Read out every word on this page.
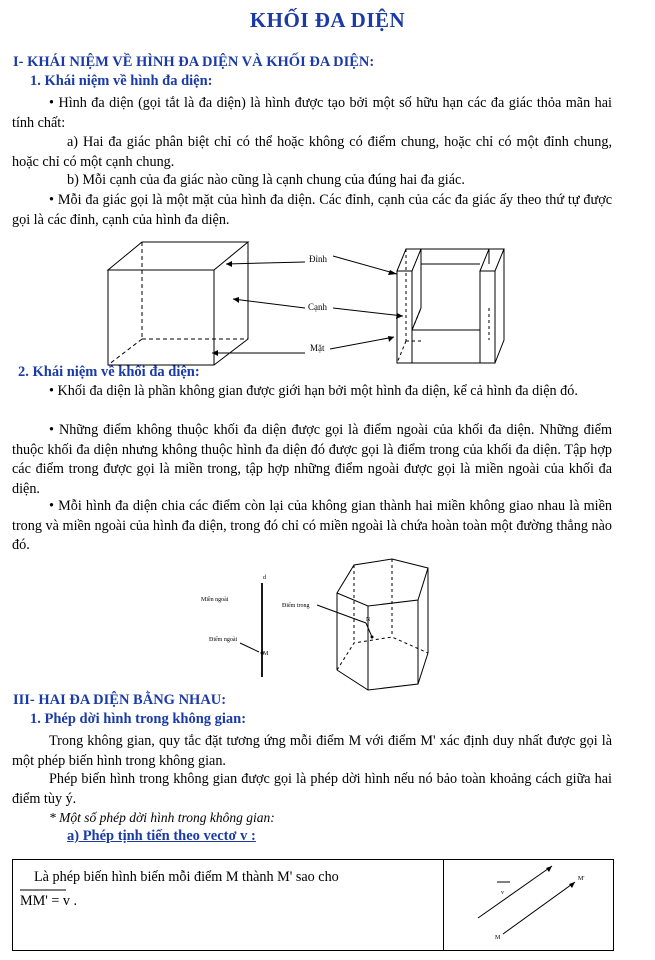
KHỐI ĐA DIỆN
I- KHÁI NIỆM VỀ HÌNH ĐA DIỆN VÀ KHỐI ĐA DIỆN:
1. Khái niệm về hình đa diện:
• Hình đa diện (gọi tắt là đa diện) là hình được tạo bởi một số hữu hạn các đa giác thỏa mãn hai tính chất:
a) Hai đa giác phân biệt chỉ có thể hoặc không có điểm chung, hoặc chỉ có một đỉnh chung, hoặc chỉ có một cạnh chung.
b) Mỗi cạnh của đa giác nào cũng là cạnh chung của đúng hai đa giác.
• Mỗi đa giác gọi là một mặt của hình đa diện. Các đỉnh, cạnh của các đa giác ấy theo thứ tự được gọi là các đỉnh, cạnh của hình đa diện.
Đỉnh
Cạnh
Mặt
2. Khái niệm về khối đa diện:
• Khối đa diện là phần không gian được giới hạn bởi một hình đa diện, kể cả hình đa diện đó.
• Những điểm không thuộc khối đa diện được gọi là điểm ngoài của khối đa diện. Những điểm thuộc khối đa diện nhưng không thuộc hình đa diện đó được gọi là điểm trong của khối đa diện. Tập hợp các điểm trong được gọi là miền trong, tập hợp những điểm ngoài được gọi là miền ngoài của khối đa diện.
• Mỗi hình đa diện chia các điểm còn lại của không gian thành hai miền không giao nhau là miền trong và miền ngoài của hình đa diện, trong đó chỉ có miền ngoài là chứa hoàn toàn một đường thẳng nào đó.
d
Miền ngoài
Điểm trong
Điểm ngoài
M
N
III- HAI ĐA DIỆN BẰNG NHAU:
1. Phép dời hình trong không gian:
Trong không gian, quy tắc đặt tương ứng mỗi điểm M với điểm M' xác định duy nhất được gọi là một phép biến hình trong không gian.
Phép biến hình trong không gian được gọi là phép dời hình nếu nó bảo toàn khoảng cách giữa hai điểm tùy ý.
* Một số phép dời hình trong không gian:
a) Phép tịnh tiến theo vectơ v :
Là phép biến hình biến mỗi điểm M thành M' sao cho
MM' = v .	v
M'
M
